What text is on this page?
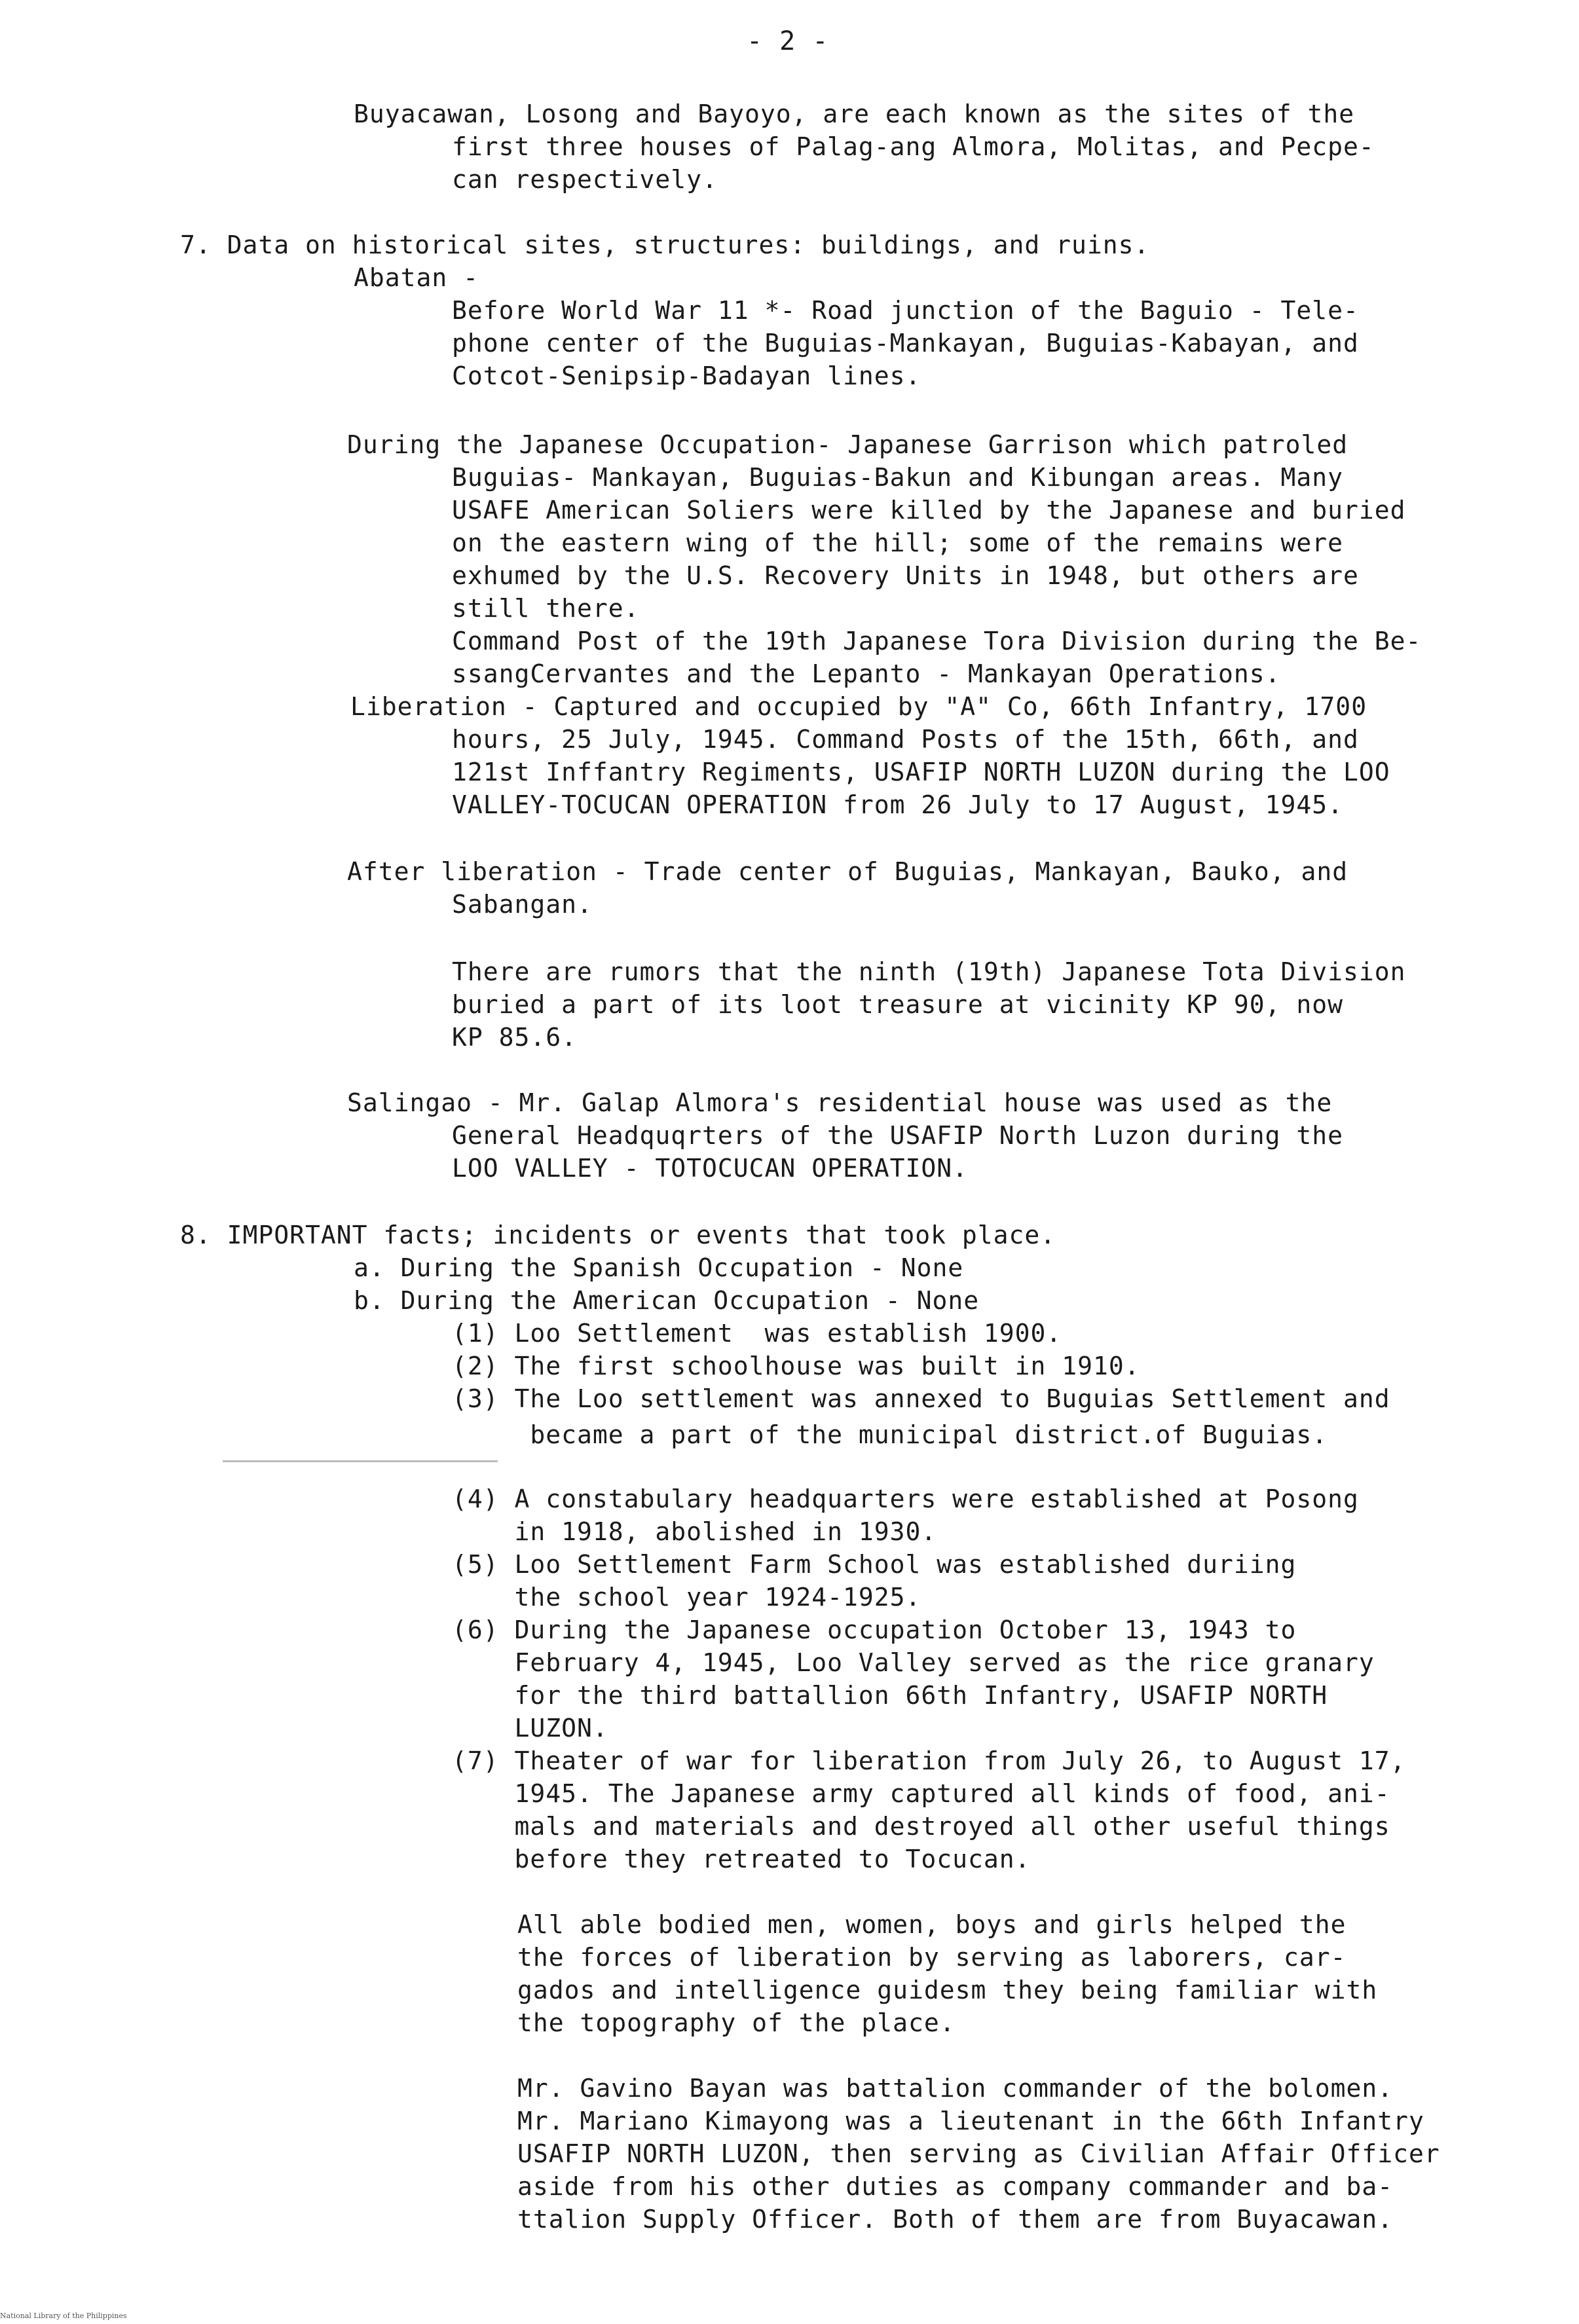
- 2 -
Buyacawan, Losong and Bayoyo, are each known as the sites of the
first three houses of Palag-ang Almora, Molitas, and Pecpe-
can respectively.
7. Data on historical sites, structures: buildings, and ruins.
Abatan -
Before World War 11 *- Road junction of the Baguio - Tele-
phone center of the Buguias-Mankayan, Buguias-Kabayan, and
Cotcot-Senipsip-Badayan lines.
During the Japanese Occupation- Japanese Garrison which patroled
Buguias- Mankayan, Buguias-Bakun and Kibungan areas. Many
USAFE American Soliers were killed by the Japanese and buried
on the eastern wing of the hill; some of the remains were
exhumed by the U.S. Recovery Units in 1948, but others are
still there.
Command Post of the 19th Japanese Tora Division during the Be-
ssangCervantes and the Lepanto - Mankayan Operations.
Liberation - Captured and occupied by "A" Co, 66th Infantry, 1700
hours, 25 July, 1945. Command Posts of the 15th, 66th, and
121st Inffantry Regiments, USAFIP NORTH LUZON during the LOO
VALLEY-TOCUCAN OPERATION from 26 July to 17 August, 1945.
After liberation - Trade center of Buguias, Mankayan, Bauko, and
Sabangan.
There are rumors that the ninth (19th) Japanese Tota Division
buried a part of its loot treasure at vicinity KP 90, now
KP 85.6.
Salingao - Mr. Galap Almora's residential house was used as the
General Headquqrters of the USAFIP North Luzon during the
LOO VALLEY - TOTOCUCAN OPERATION.
8. IMPORTANT facts; incidents or events that took place.
a. During the Spanish Occupation - None
b. During the American Occupation - None
(1) Loo Settlement  was establish 1900.
(2) The first schoolhouse was built in 1910.
(3) The Loo settlement was annexed to Buguias Settlement and
became a part of the municipal district.of Buguias.
(4) A constabulary headquarters were established at Posong
in 1918, abolished in 1930.
(5) Loo Settlement Farm School was established duriing
the school year 1924-1925.
(6) During the Japanese occupation October 13, 1943 to
February 4, 1945, Loo Valley served as the rice granary
for the third battallion 66th Infantry, USAFIP NORTH
LUZON.
(7) Theater of war for liberation from July 26, to August 17,
1945. The Japanese army captured all kinds of food, ani-
mals and materials and destroyed all other useful things
before they retreated to Tocucan.
All able bodied men, women, boys and girls helped the
the forces of liberation by serving as laborers, car-
gados and intelligence guidesm they being familiar with
the topography of the place.
Mr. Gavino Bayan was battalion commander of the bolomen.
Mr. Mariano Kimayong was a lieutenant in the 66th Infantry
USAFIP NORTH LUZON, then serving as Civilian Affair Officer
aside from his other duties as company commander and ba-
ttalion Supply Officer. Both of them are from Buyacawan.
National Library of the Philippines
